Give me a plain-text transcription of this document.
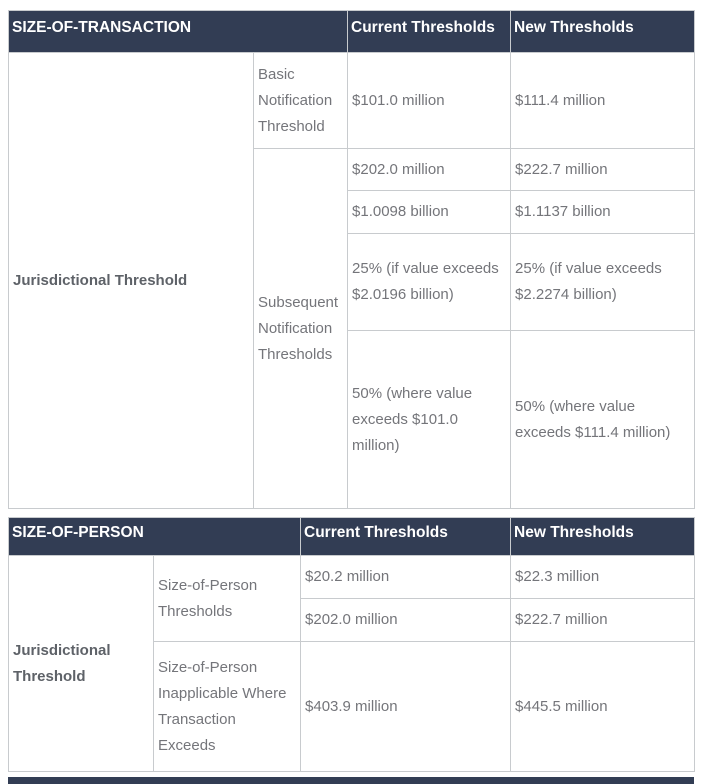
SIZE-OF-TRANSACTION		Current Thresholds	New Thresholds
Jurisdictional Threshold	Basic Notification Threshold	$101.0 million	$111.4 million
	Subsequent Notification Thresholds	$202.0 million	$222.7 million
		$1.0098 billion	$1.1137 billion
		25% (if value exceeds $2.0196 billion)	25% (if value exceeds $2.2274 billion)
		50% (where value exceeds $101.0 million)	50% (where value exceeds $111.4 million)
SIZE-OF-PERSON		Current Thresholds	New Thresholds
Jurisdictional Threshold	Size-of-Person Thresholds	$20.2 million	$22.3 million
		$202.0 million	$222.7 million
	Size-of-Person Inapplicable Where Transaction Exceeds	$403.9 million	$445.5 million
